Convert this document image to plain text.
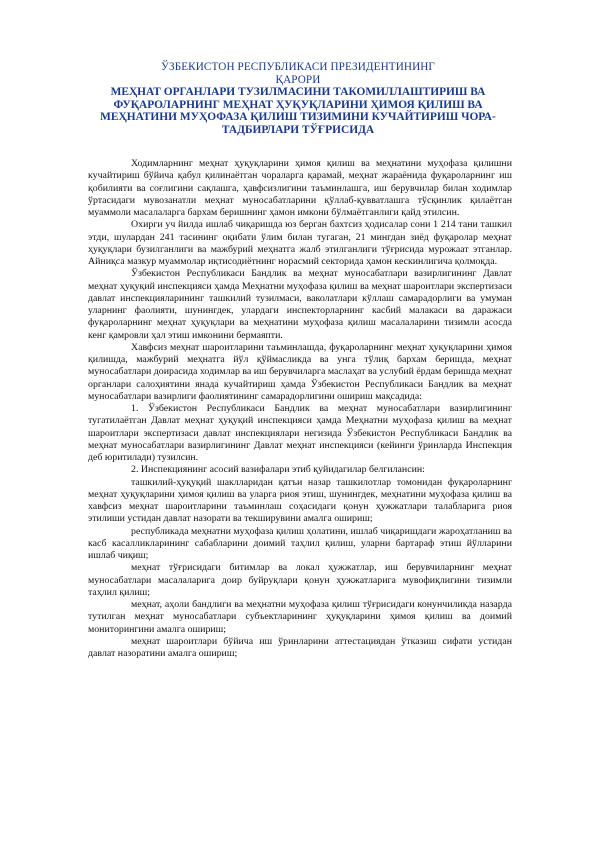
ЎЗБЕКИСТОН РЕСПУБЛИКАСИ ПРЕЗИДЕНТИНИНГ
ҚАРОРИ
МЕҲНАТ ОРГАНЛАРИ ТУЗИЛМАСИНИ ТАКОМИЛЛАШТИРИШ ВА
ФУҚАРОЛАРНИНГ МЕҲНАТ ҲУҚУҚЛАРИНИ ҲИМОЯ ҚИЛИШ ВА
МЕҲНАТИНИ МУҲОФАЗА ҚИЛИШ ТИЗИМИНИ КУЧАЙТИРИШ ЧОРА-
ТАДБИРЛАРИ ТЎҒРИСИДА

Ходимларнинг меҳнат ҳуқуқларини ҳимоя қилиш ва меҳнатини муҳофаза қилишни кучайтириш бўйича қабул қилинаётган чораларга қарамай, меҳнат жараёнида фуқароларнинг иш қобилияти ва соғлигини сақлашга, ҳавфсизлигини таъминлашга, иш берувчилар билан ходимлар ўртасидаги мувозанатли меҳнат муносабатларини қўллаб-қувватлашга тўсқинлик қилаётган муаммоли масалаларга бархам беришнинг ҳамон имкони бўлмаётганлиги қайд этилсин.

Охирги уч йилда ишлаб чиқаришда юз берган бахтсиз ҳодисалар сони 1 214 тани ташкил этди, шулардан 241 тасининг оқибати ўлим билан тугаган, 21 мингдан зиёд фуқаролар меҳнат ҳуқуқлари бузилганлиги ва мажбурий меҳнатга жалб этилганлиги тўғрисида мурожаат этганлар. Айниқса мазкур муаммолар иқтисодиётнинг норасмий секторида ҳамон кескинлигича қолмоқда.

Ўзбекистон Республикаси Бандлик ва меҳнат муносабатлари вазирлигининг Давлат меҳнат ҳуқуқий инспекцияси ҳамда Меҳнатни муҳофаза қилиш ва меҳнат шароитлари экспертизаси давлат инспекцияларининг ташкилий тузилмаси, ваколатлари кўллаш самарадорлиги ва умуман уларнинг фаолияти, шунингдек, улардаги инспекторларнинг касбий малакаси ва даражаси фуқароларнинг меҳнат ҳуқуқлари ва меҳнатини муҳофаза қилиш масалаларини тизимли асосда кенг қамровли ҳал этиш имконини бермаяпти.

Хавфсиз меҳнат шароитларини таъминлашда, фуқароларнинг меҳнат ҳуқуқларини ҳимоя қилишда, мажбурий меҳнатга йўл қўймасликда ва унга тўлиқ бархам беришда, меҳнат муносабатлари доирасида ходимлар ва иш берувчиларга маслаҳат ва услубий ёрдам беришда меҳнат органлари салоҳиятини янада кучайтириш ҳамда Ўзбекистон Республикаси Бандлик ва меҳнат муносабатлари вазирлиги фаолиятининг самарадорлигини ошириш мақсадида:

1. Ўзбекистон Республикаси Бандлик ва меҳнат муносабатлари вазирлигининг тугатилаётган Давлат меҳнат ҳуқуқий инспекцияси ҳамда Меҳнатни муҳофаза қилиш ва меҳнат шароитлари экспертизаси давлат инспекциялари негизида Ўзбекистон Республикаси Бандлик ва меҳнат муносабатлари вазирлигининг Давлат меҳнат инспекцияси (кейинги ўринларда Инспекция деб юритилади) тузилсин.

2. Инспекциянинг асосий вазифалари этиб қуйидагилар белгилансин:

ташкилий-ҳуқуқий шаклларидан қатъи назар ташкилотлар томонидан фуқароларнинг меҳнат ҳуқуқларини ҳимоя қилиш ва уларга риоя этиш, шунингдек, меҳнатини муҳофаза қилиш ва хавфсиз меҳнат шароитларини таъминлаш соҳасидаги қонун ҳужжатлари талабларига риоя этилиши устидан давлат назорати ва текширувини амалга ошириш;

республикада меҳнатни муҳофаза қилиш ҳолатини, ишлаб чиқаришдаги жароҳатланиш ва касб касалликларининг сабабларини доимий таҳлил қилиш, уларни бартараф этиш йўлларини ишлаб чиқиш;

меҳнат тўғрисидаги битимлар ва локал ҳужжатлар, иш берувчиларнинг меҳнат муносабатлари масалаларига доир буйруқлари қонун ҳужжатларига мувофиқлигини тизимли таҳлил қилиш;

меҳнат, аҳоли бандлиги ва меҳнатни муҳофаза қилиш тўғрисидаги конунчиликда назарда тутилган меҳнат муносабатлари субъектларининг ҳуқуқларини ҳимоя қилиш ва доимий мониторингини амалга ошириш;

меҳнат шароитлари бўйича иш ўринларини аттестациядан ўтказиш сифати устидан давлат назоратини амалга ошириш;
